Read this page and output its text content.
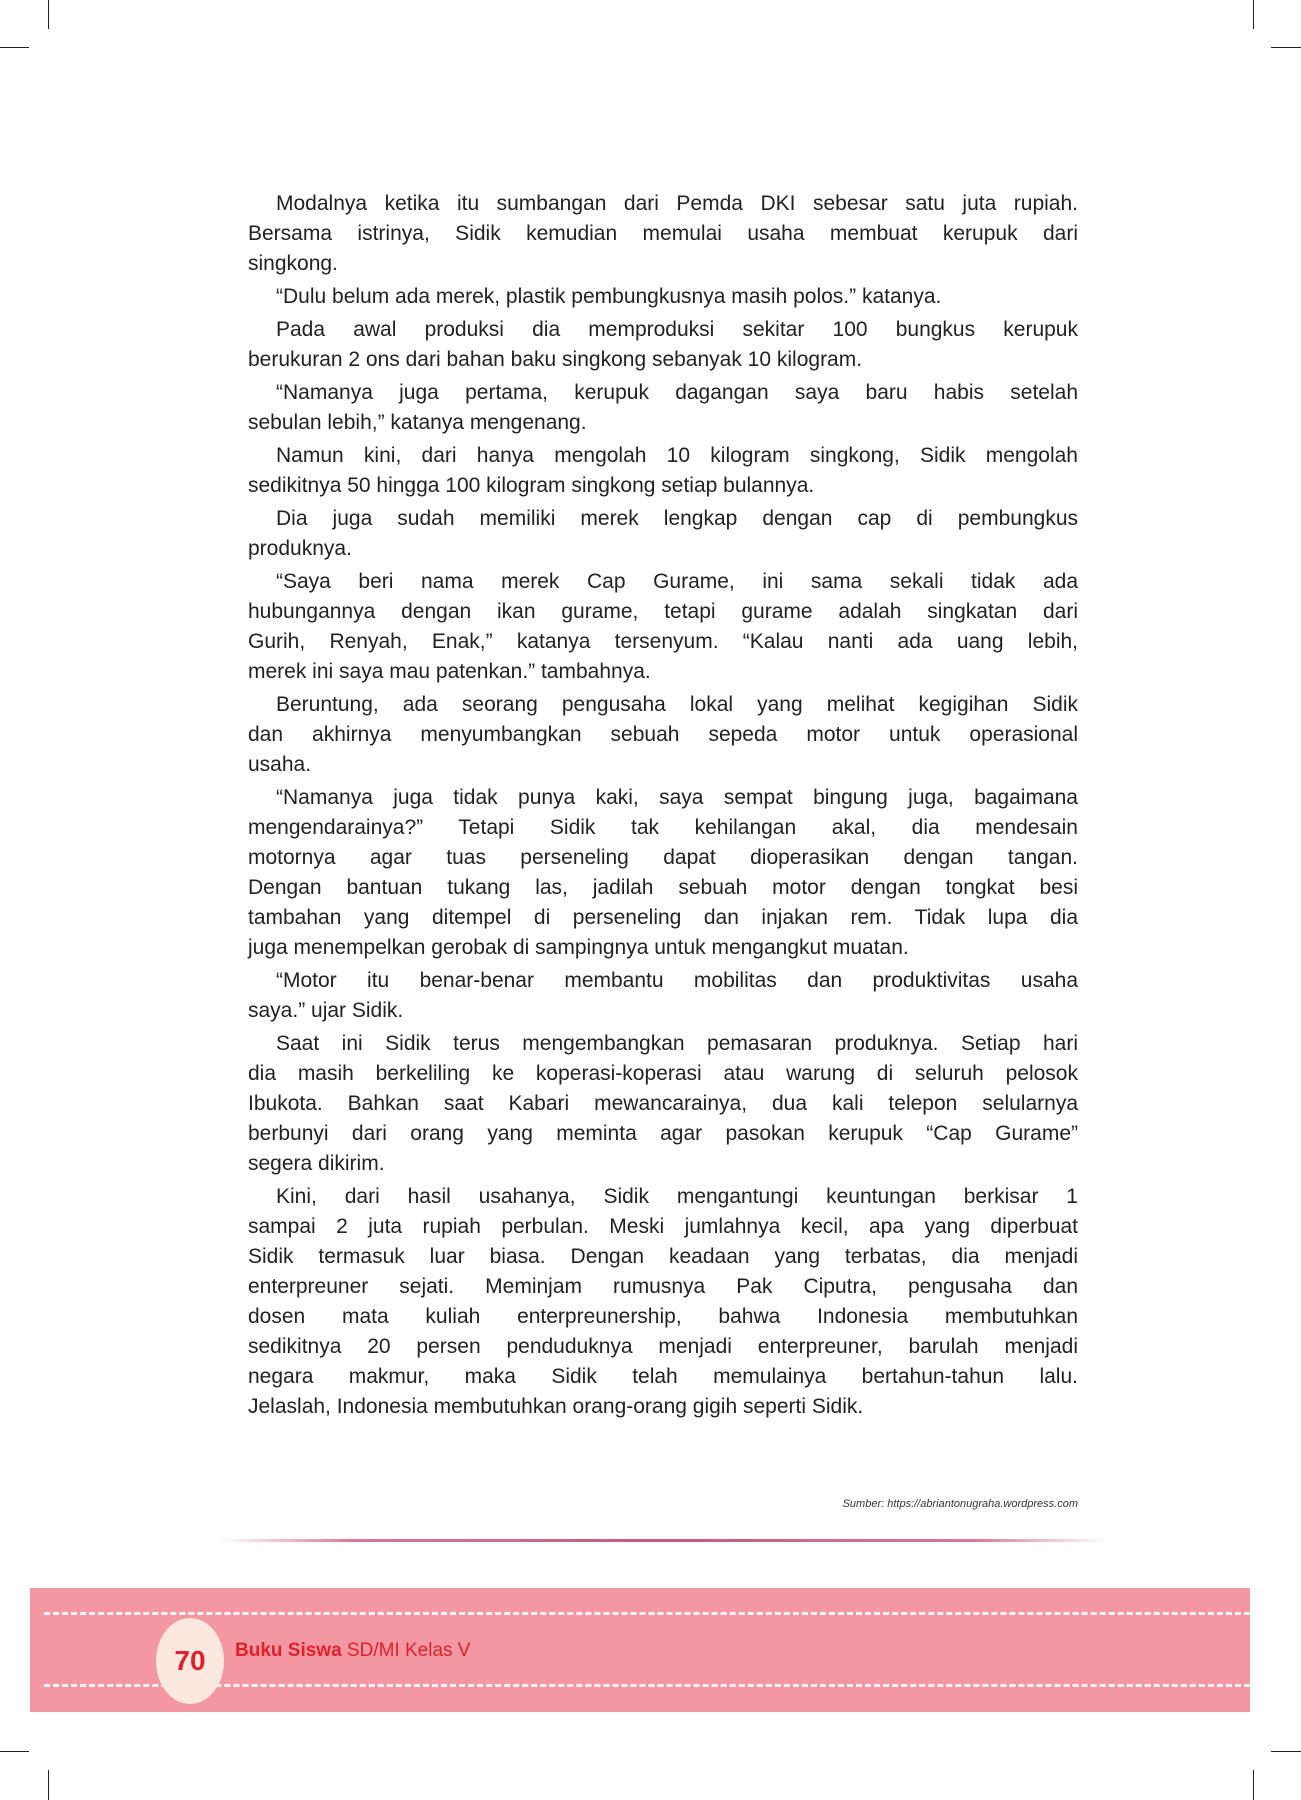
Modalnya ketika itu sumbangan dari Pemda DKI sebesar satu juta rupiah.
Bersama istrinya, Sidik kemudian memulai usaha membuat kerupuk dari
singkong.
“Dulu belum ada merek, plastik pembungkusnya masih polos.” katanya.
Pada awal produksi dia memproduksi sekitar 100 bungkus kerupuk
berukuran 2 ons dari bahan baku singkong sebanyak 10 kilogram.
“Namanya juga pertama, kerupuk dagangan saya baru habis setelah
sebulan lebih,” katanya mengenang.
Namun kini, dari hanya mengolah 10 kilogram singkong, Sidik mengolah
sedikitnya 50 hingga 100 kilogram singkong setiap bulannya.
Dia juga sudah memiliki merek lengkap dengan cap di pembungkus
produknya.
“Saya beri nama merek Cap Gurame, ini sama sekali tidak ada
hubungannya dengan ikan gurame, tetapi gurame adalah singkatan dari
Gurih, Renyah, Enak,” katanya tersenyum. “Kalau nanti ada uang lebih,
merek ini saya mau patenkan.” tambahnya.
Beruntung, ada seorang pengusaha lokal yang melihat kegigihan Sidik
dan akhirnya menyumbangkan sebuah sepeda motor untuk operasional
usaha.
“Namanya juga tidak punya kaki, saya sempat bingung juga, bagaimana
mengendarainya?” Tetapi Sidik tak kehilangan akal, dia mendesain
motornya agar tuas perseneling dapat dioperasikan dengan tangan.
Dengan bantuan tukang las, jadilah sebuah motor dengan tongkat besi
tambahan yang ditempel di perseneling dan injakan rem. Tidak lupa dia
juga menempelkan gerobak di sampingnya untuk mengangkut muatan.
“Motor itu benar-benar membantu mobilitas dan produktivitas usaha
saya.” ujar Sidik.
Saat ini Sidik terus mengembangkan pemasaran produknya. Setiap hari
dia masih berkeliling ke koperasi-koperasi atau warung di seluruh pelosok
Ibukota. Bahkan saat Kabari mewancarainya, dua kali telepon selularnya
berbunyi dari orang yang meminta agar pasokan kerupuk “Cap Gurame”
segera dikirim.
Kini, dari hasil usahanya, Sidik mengantungi keuntungan berkisar 1
sampai 2 juta rupiah perbulan. Meski jumlahnya kecil, apa yang diperbuat
Sidik termasuk luar biasa. Dengan keadaan yang terbatas, dia menjadi
enterpreuner sejati. Meminjam rumusnya Pak Ciputra, pengusaha dan
dosen mata kuliah enterpreunership, bahwa Indonesia membutuhkan
sedikitnya 20 persen penduduknya menjadi enterpreuner, barulah menjadi
negara makmur, maka Sidik telah memulainya bertahun-tahun lalu.
Jelaslah, Indonesia membutuhkan orang-orang gigih seperti Sidik.
Sumber: https://abriantonugraha.wordpress.com
70 Buku Siswa SD/MI Kelas V
